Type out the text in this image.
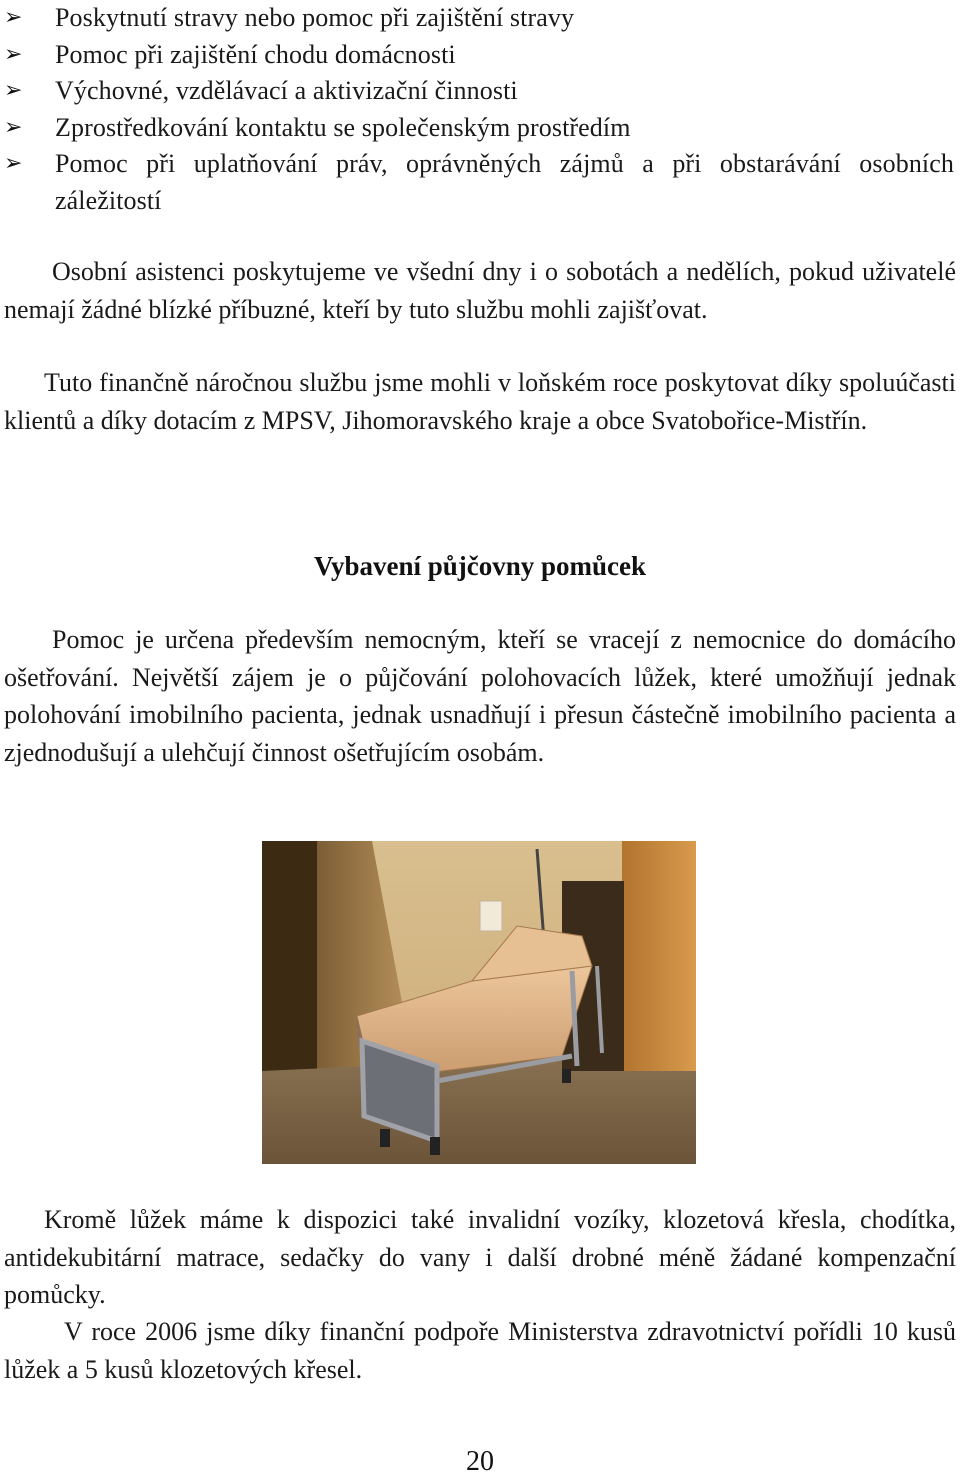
➢ Poskytnutí stravy nebo pomoc při zajištění stravy
➢ Pomoc při zajištění chodu domácnosti
➢ Výchovné, vzdělávací a aktivizační činnosti
➢ Zprostředkování kontaktu se společenským prostředím
➢ Pomoc při uplatňování práv, oprávněných zájmů a při obstarávání osobních záležitostí

Osobní asistenci poskytujeme ve všední dny i o sobotách a nedělích, pokud uživatelé nemají žádné blízké příbuzné, kteří by tuto službu mohli zajišťovat.

Tuto finančně náročnou službu jsme mohli v loňském roce poskytovat díky spoluúčasti klientů a díky dotacím z MPSV, Jihomoravského kraje a obce Svatobořice-Mistřín.

Vybavení půjčovny pomůcek

Pomoc je určena především nemocným, kteří se vracejí z nemocnice do domácího ošetřování. Největší zájem je o půjčování polohovacích lůžek, které umožňují jednak polohování imobilního pacienta, jednak usnadňují i přesun částečně imobilního pacienta a zjednodušují a ulehčují činnost ošetřujícím osobám.

Kromě lůžek máme k dispozici také invalidní vozíky, klozetová křesla, chodítka, antidekubitární matrace, sedačky do vany i další drobné méně žádané kompenzační pomůcky.

V roce 2006 jsme díky finanční podpoře Ministerstva zdravotnictví pořídli 10 kusů lůžek a 5 kusů klozetových křesel.

20
